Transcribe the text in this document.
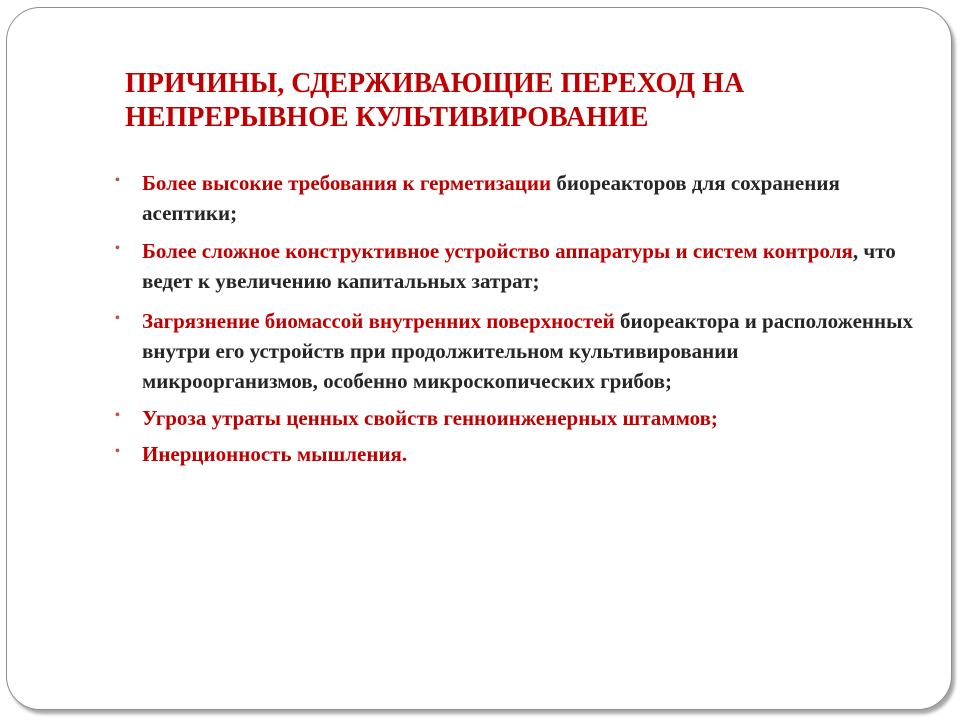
ПРИЧИНЫ, СДЕРЖИВАЮЩИЕ ПЕРЕХОД НА НЕПРЕРЫВНОЕ КУЛЬТИВИРОВАНИЕ
• Более высокие требования к герметизации биореакторов для сохранения асептики;
• Более сложное конструктивное устройство аппаратуры и систем контроля, что ведет к увеличению капитальных затрат;
• Загрязнение биомассой внутренних поверхностей биореактора и расположенных внутри его устройств при продолжительном культивировании микроорганизмов, особенно микроскопических грибов;
• Угроза утраты ценных свойств генноинженерных штаммов;
• Инерционность мышления.
